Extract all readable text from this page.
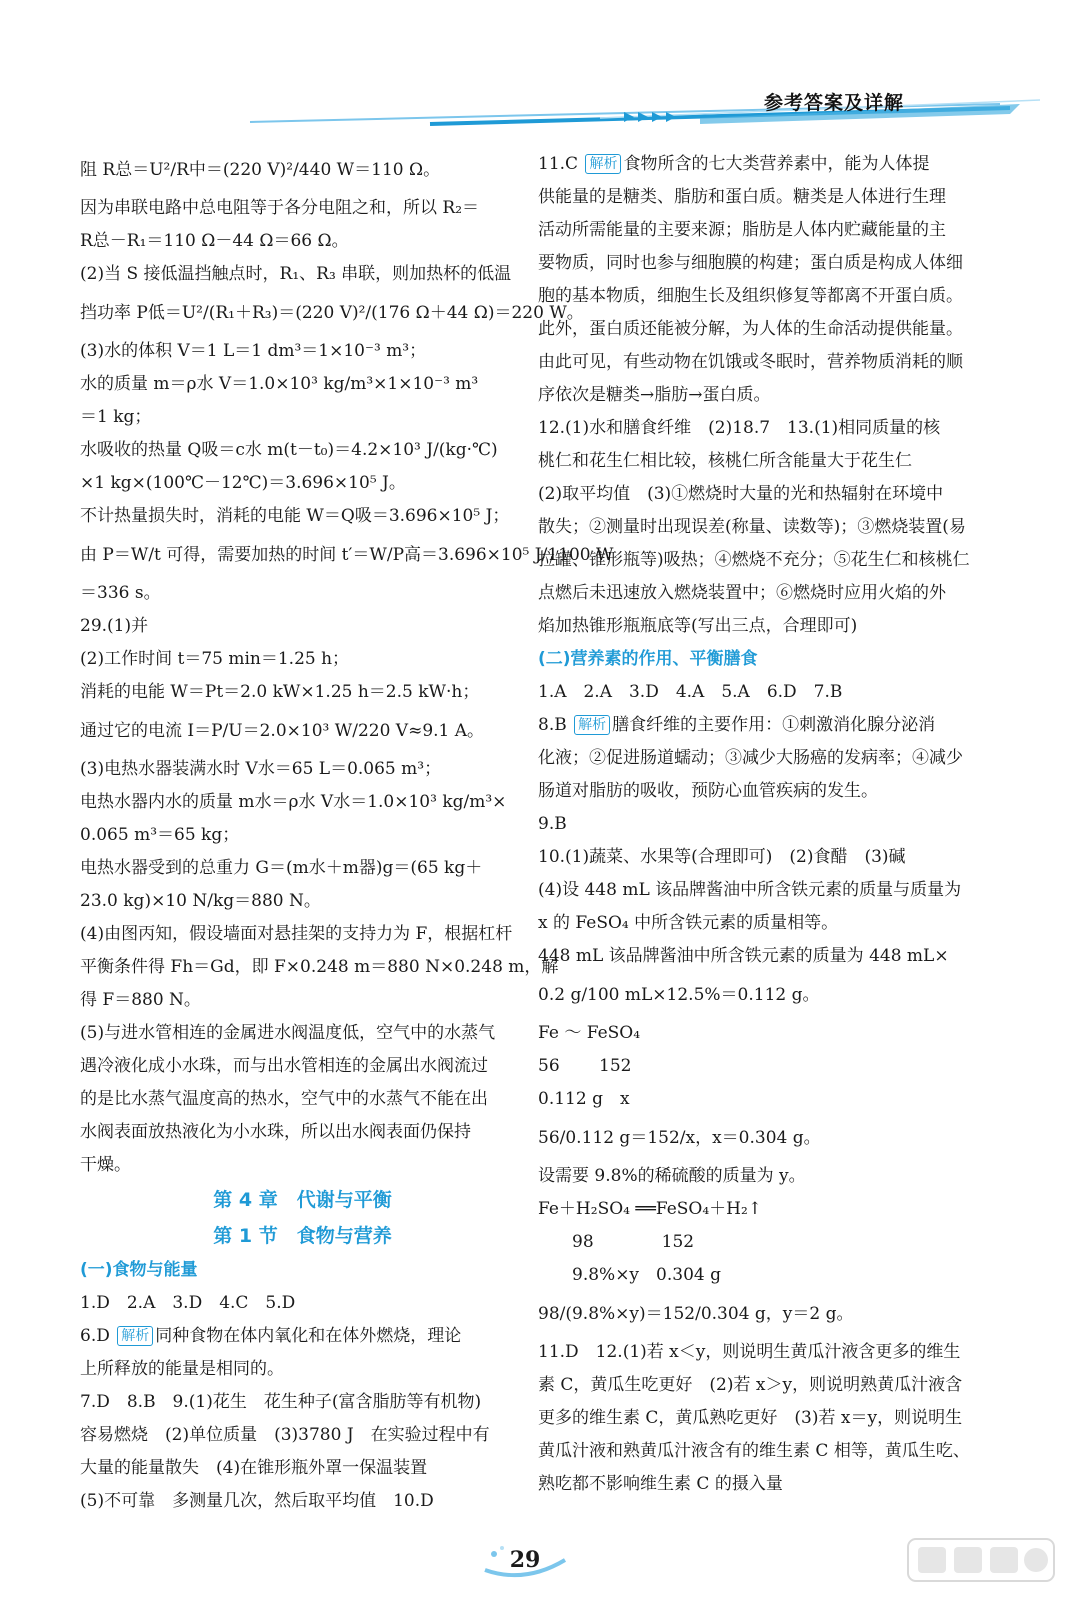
参考答案及详解
阻 R总＝U²/R中＝(220 V)²/440 W＝110 Ω。
因为串联电路中总电阻等于各分电阻之和，所以 R₂＝
R总－R₁＝110 Ω－44 Ω＝66 Ω。
(2)当 S 接低温挡触点时，R₁、R₃ 串联，则加热杯的低温
挡功率 P低＝U²/(R₁＋R₃)＝(220 V)²/(176 Ω＋44 Ω)＝220 W。
(3)水的体积 V＝1 L＝1 dm³＝1×10⁻³ m³；
水的质量 m＝ρ水 V＝1.0×10³ kg/m³×1×10⁻³ m³
＝1 kg；
水吸收的热量 Q吸＝c水 m(t－t₀)＝4.2×10³ J/(kg·℃)
×1 kg×(100℃－12℃)＝3.696×10⁵ J。
不计热量损失时，消耗的电能 W＝Q吸＝3.696×10⁵ J；
由 P＝W/t 可得，需要加热的时间 t′＝W/P高＝3.696×10⁵ J/1100 W
＝336 s。
29.(1)并
(2)工作时间 t＝75 min＝1.25 h；
消耗的电能 W＝Pt＝2.0 kW×1.25 h＝2.5 kW·h；
通过它的电流 I＝P/U＝2.0×10³ W/220 V≈9.1 A。
(3)电热水器装满水时 V水＝65 L＝0.065 m³；
电热水器内水的质量 m水＝ρ水 V水＝1.0×10³ kg/m³×
0.065 m³＝65 kg；
电热水器受到的总重力 G＝(m水＋m器)g＝(65 kg＋
23.0 kg)×10 N/kg＝880 N。
(4)由图丙知，假设墙面对悬挂架的支持力为 F，根据杠杆
平衡条件得 Fh＝Gd，即 F×0.248 m＝880 N×0.248 m，解
得 F＝880 N。
(5)与进水管相连的金属进水阀温度低，空气中的水蒸气
遇冷液化成小水珠，而与出水管相连的金属出水阀流过
的是比水蒸气温度高的热水，空气中的水蒸气不能在出
水阀表面放热液化为小水珠，所以出水阀表面仍保持
干燥。
第 4 章　代谢与平衡
第 1 节　食物与营养
(一)食物与能量
1.D　2.A　3.D　4.C　5.D
6.D 解析 同种食物在体内氧化和在体外燃烧，理论
上所释放的能量是相同的。
7.D　8.B　9.(1)花生　花生种子(富含脂肪等有机物)
容易燃烧　(2)单位质量　(3)3780 J　在实验过程中有
大量的能量散失　(4)在锥形瓶外罩一保温装置
(5)不可靠　多测量几次，然后取平均值　10.D
11.C 解析 食物所含的七大类营养素中，能为人体提
供能量的是糖类、脂肪和蛋白质。糖类是人体进行生理
活动所需能量的主要来源；脂肪是人体内贮藏能量的主
要物质，同时也参与细胞膜的构建；蛋白质是构成人体细
胞的基本物质，细胞生长及组织修复等都离不开蛋白质。
此外，蛋白质还能被分解，为人体的生命活动提供能量。
由此可见，有些动物在饥饿或冬眠时，营养物质消耗的顺
序依次是糖类→脂肪→蛋白质。
12.(1)水和膳食纤维　(2)18.7　13.(1)相同质量的核
桃仁和花生仁相比较，核桃仁所含能量大于花生仁
(2)取平均值　(3)①燃烧时大量的光和热辐射在环境中
散失；②测量时出现误差(称量、读数等)；③燃烧装置(易
拉罐、锥形瓶等)吸热；④燃烧不充分；⑤花生仁和核桃仁
点燃后未迅速放入燃烧装置中；⑥燃烧时应用火焰的外
焰加热锥形瓶瓶底等(写出三点，合理即可)
(二)营养素的作用、平衡膳食
1.A　2.A　3.D　4.A　5.A　6.D　7.B
8.B 解析 膳食纤维的主要作用：①刺激消化腺分泌消
化液；②促进肠道蠕动；③减少大肠癌的发病率；④减少
肠道对脂肪的吸收，预防心血管疾病的发生。
9.B
10.(1)蔬菜、水果等(合理即可)　(2)食醋　(3)碱
(4)设 448 mL 该品牌酱油中所含铁元素的质量与质量为
x 的 FeSO₄ 中所含铁元素的质量相等。
448 mL 该品牌酱油中所含铁元素的质量为 448 mL×
0.2 g/100 mL×12.5%＝0.112 g。
Fe ～ FeSO₄
56　　 152
0.112 g　x
56/0.112 g＝152/x，x＝0.304 g。
设需要 9.8%的稀硫酸的质量为 y。
Fe＋H₂SO₄ ══FeSO₄＋H₂↑
　　98　　　　152
　　9.8%×y　0.304 g
98/(9.8%×y)＝152/0.304 g，y＝2 g。
11.D　12.(1)若 x＜y，则说明生黄瓜汁液含更多的维生
素 C，黄瓜生吃更好　(2)若 x＞y，则说明熟黄瓜汁液含
更多的维生素 C，黄瓜熟吃更好　(3)若 x＝y，则说明生
黄瓜汁液和熟黄瓜汁液含有的维生素 C 相等，黄瓜生吃、
熟吃都不影响维生素 C 的摄入量
29
